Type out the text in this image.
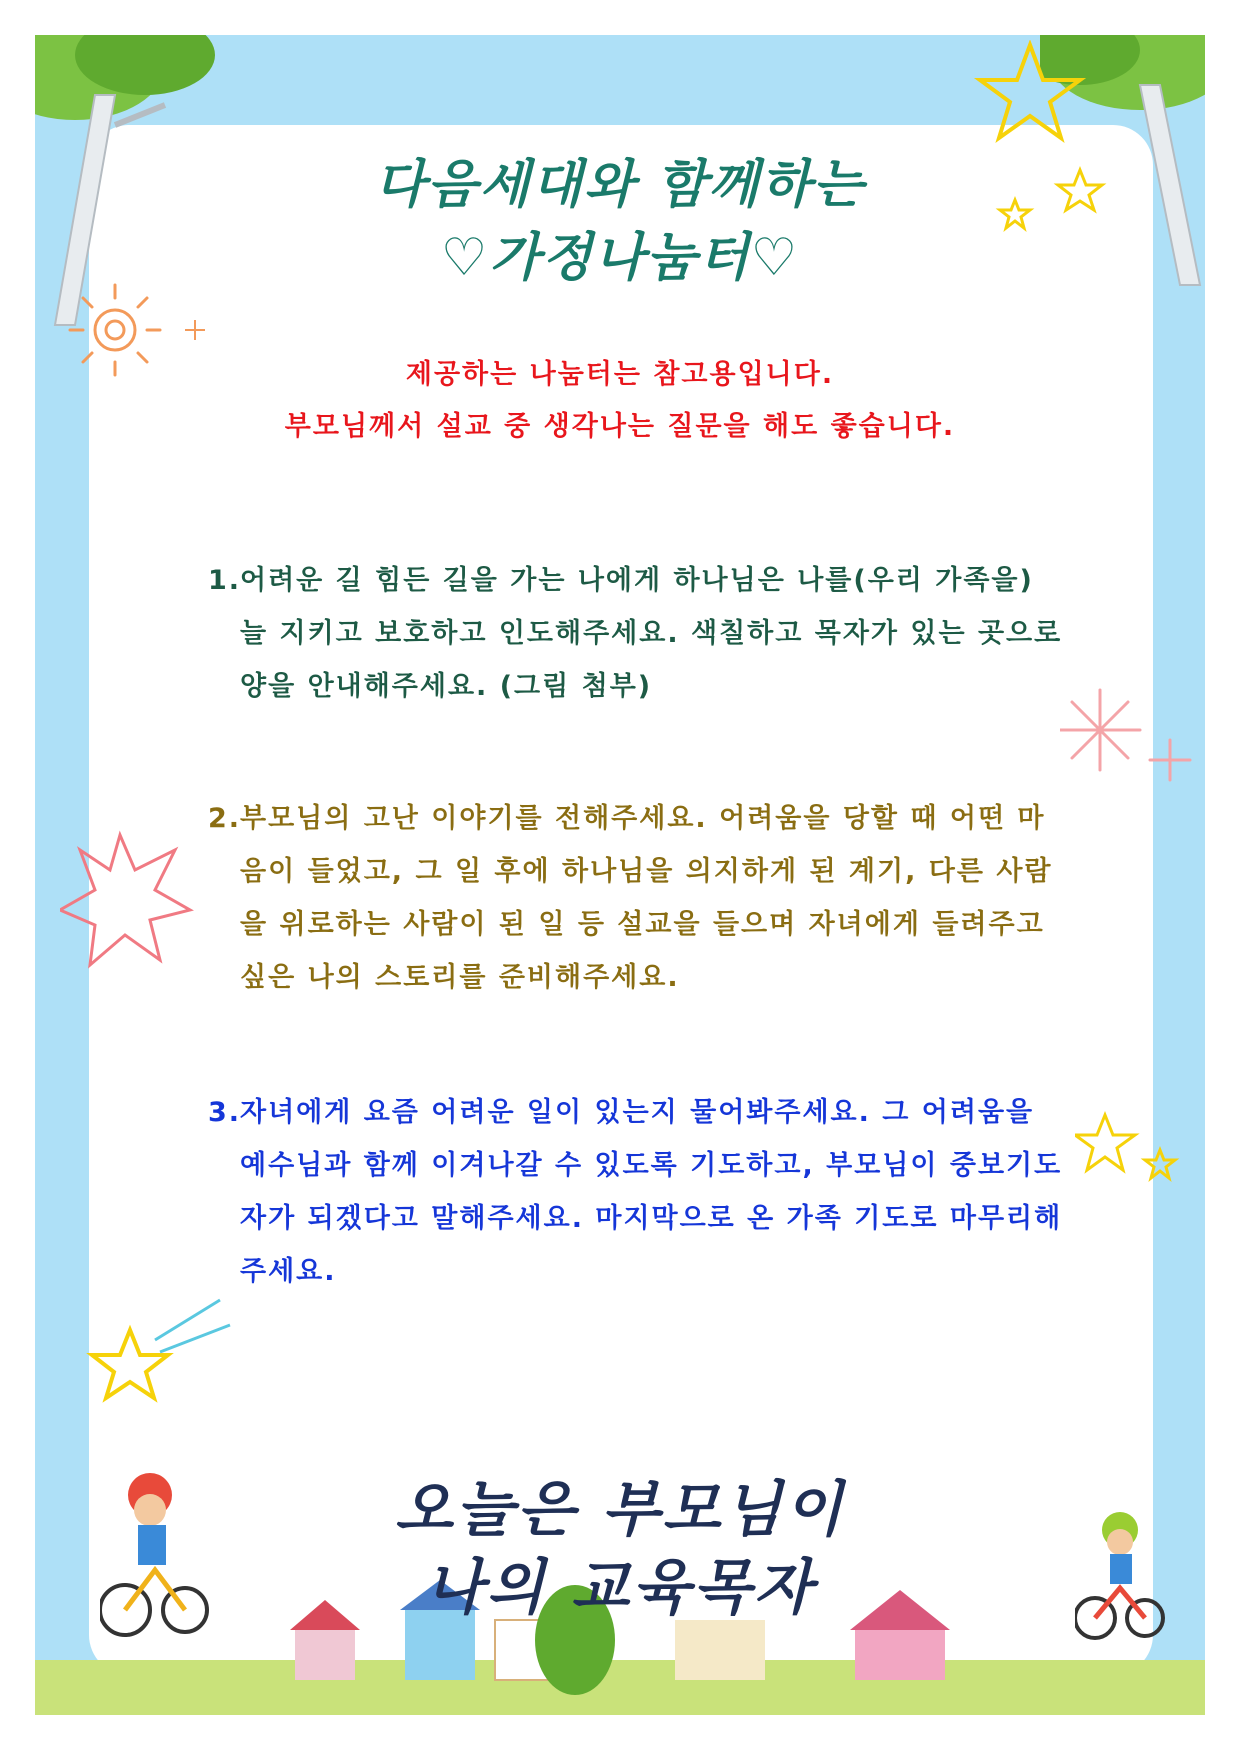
다음세대와 함께하는
♡가정나눔터♡
제공하는 나눔터는 참고용입니다.
부모님께서 설교 중 생각나는 질문을 해도 좋습니다.
1.
어려운 길 힘든 길을 가는 나에게 하나님은 나를(우리 가족을) 늘 지키고 보호하고 인도해주세요. 색칠하고 목자가 있는 곳으로 양을 안내해주세요. (그림 첨부)
2.
부모님의 고난 이야기를 전해주세요. 어려움을 당할 때 어떤 마음이 들었고, 그 일 후에 하나님을 의지하게 된 계기, 다른 사람을 위로하는 사람이 된 일 등 설교을 들으며 자녀에게 들려주고 싶은 나의 스토리를 준비해주세요.
3.
자녀에게 요즘 어려운 일이 있는지 물어봐주세요. 그 어려움을 예수님과 함께 이겨나갈 수 있도록 기도하고, 부모님이 중보기도자가 되겠다고 말해주세요. 마지막으로 온 가족 기도로 마무리해주세요.
오늘은 부모님이
나의 교육목자
